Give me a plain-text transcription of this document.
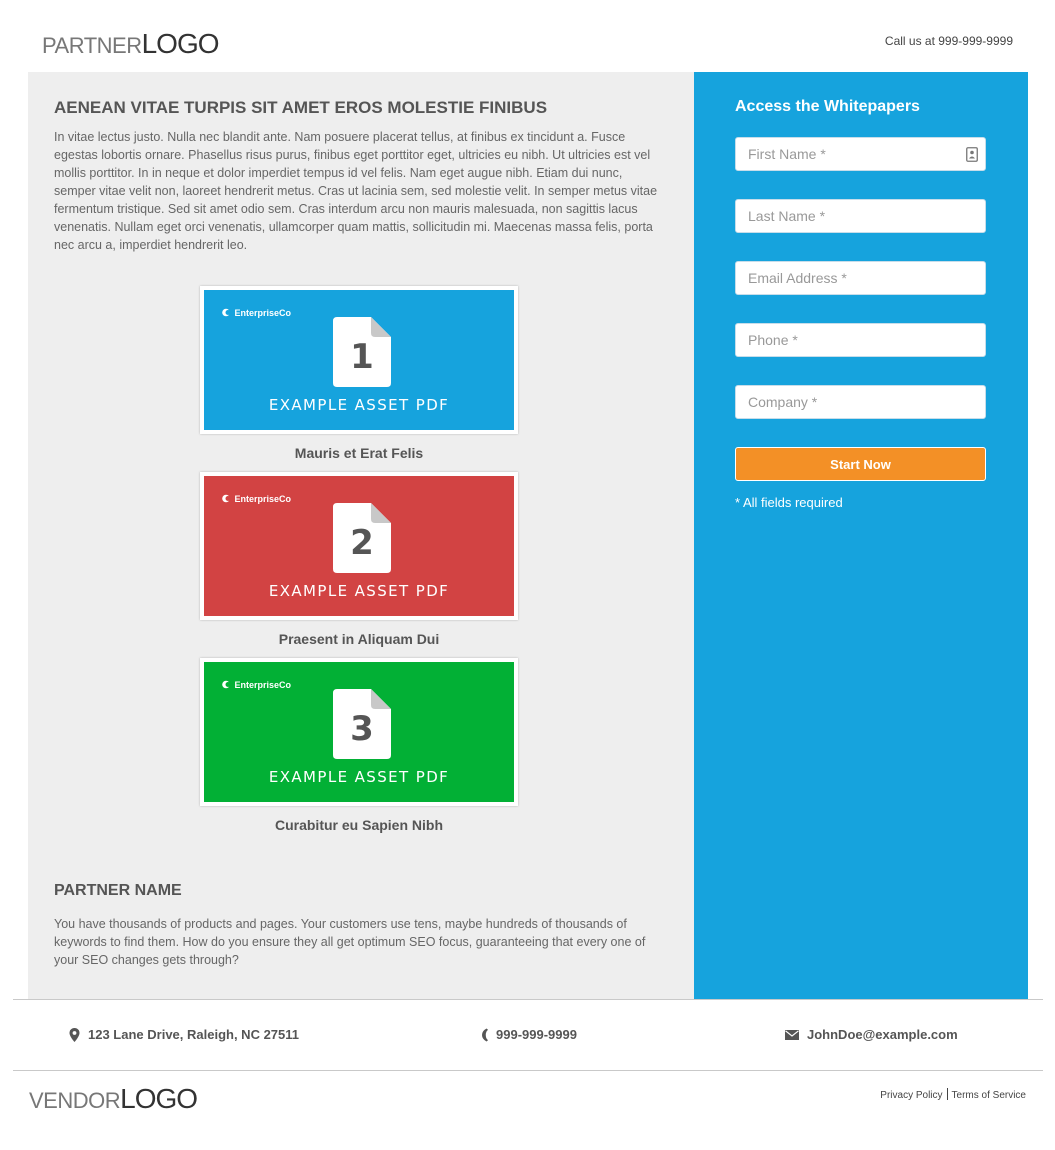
PARTNERLOGO	Call us at 999-999-9999
AENEAN VITAE TURPIS SIT AMET EROS MOLESTIE FINIBUS

In vitae lectus justo. Nulla nec blandit ante. Nam posuere placerat tellus, at finibus ex tincidunt a. Fusce egestas lobortis ornare. Phasellus risus purus, finibus eget porttitor eget, ultricies eu nibh. Ut ultricies est vel mollis porttitor. In in neque et dolor imperdiet tempus id vel felis. Nam eget augue nibh. Etiam dui nunc, semper vitae velit non, laoreet hendrerit metus. Cras ut lacinia sem, sed molestie velit. In semper metus vitae fermentum tristique. Sed sit amet odio sem. Cras interdum arcu non mauris malesuada, non sagittis lacus venenatis. Nullam eget orci venenatis, ullamcorper quam mattis, sollicitudin mi. Maecenas massa felis, porta nec arcu a, imperdiet hendrerit leo.

EnterpriseCo
1
EXAMPLE ASSET PDF
Mauris et Erat Felis
EnterpriseCo
2
EXAMPLE ASSET PDF
Praesent in Aliquam Dui
EnterpriseCo
3
EXAMPLE ASSET PDF
Curabitur eu Sapien Nibh
PARTNER NAME

You have thousands of products and pages. Your customers use tens, maybe hundreds of thousands of keywords to find them. How do you ensure they all get optimum SEO focus, guaranteeing that every one of your SEO changes gets through?

Access the Whitepapers
First Name *
Last Name *
Email Address *
Phone *
Company *
Start Now
* All fields required
123 Lane Drive, Raleigh, NC 27511	999-999-9999	JohnDoe@example.com
VENDORLOGO	Privacy Policy Terms of Service
